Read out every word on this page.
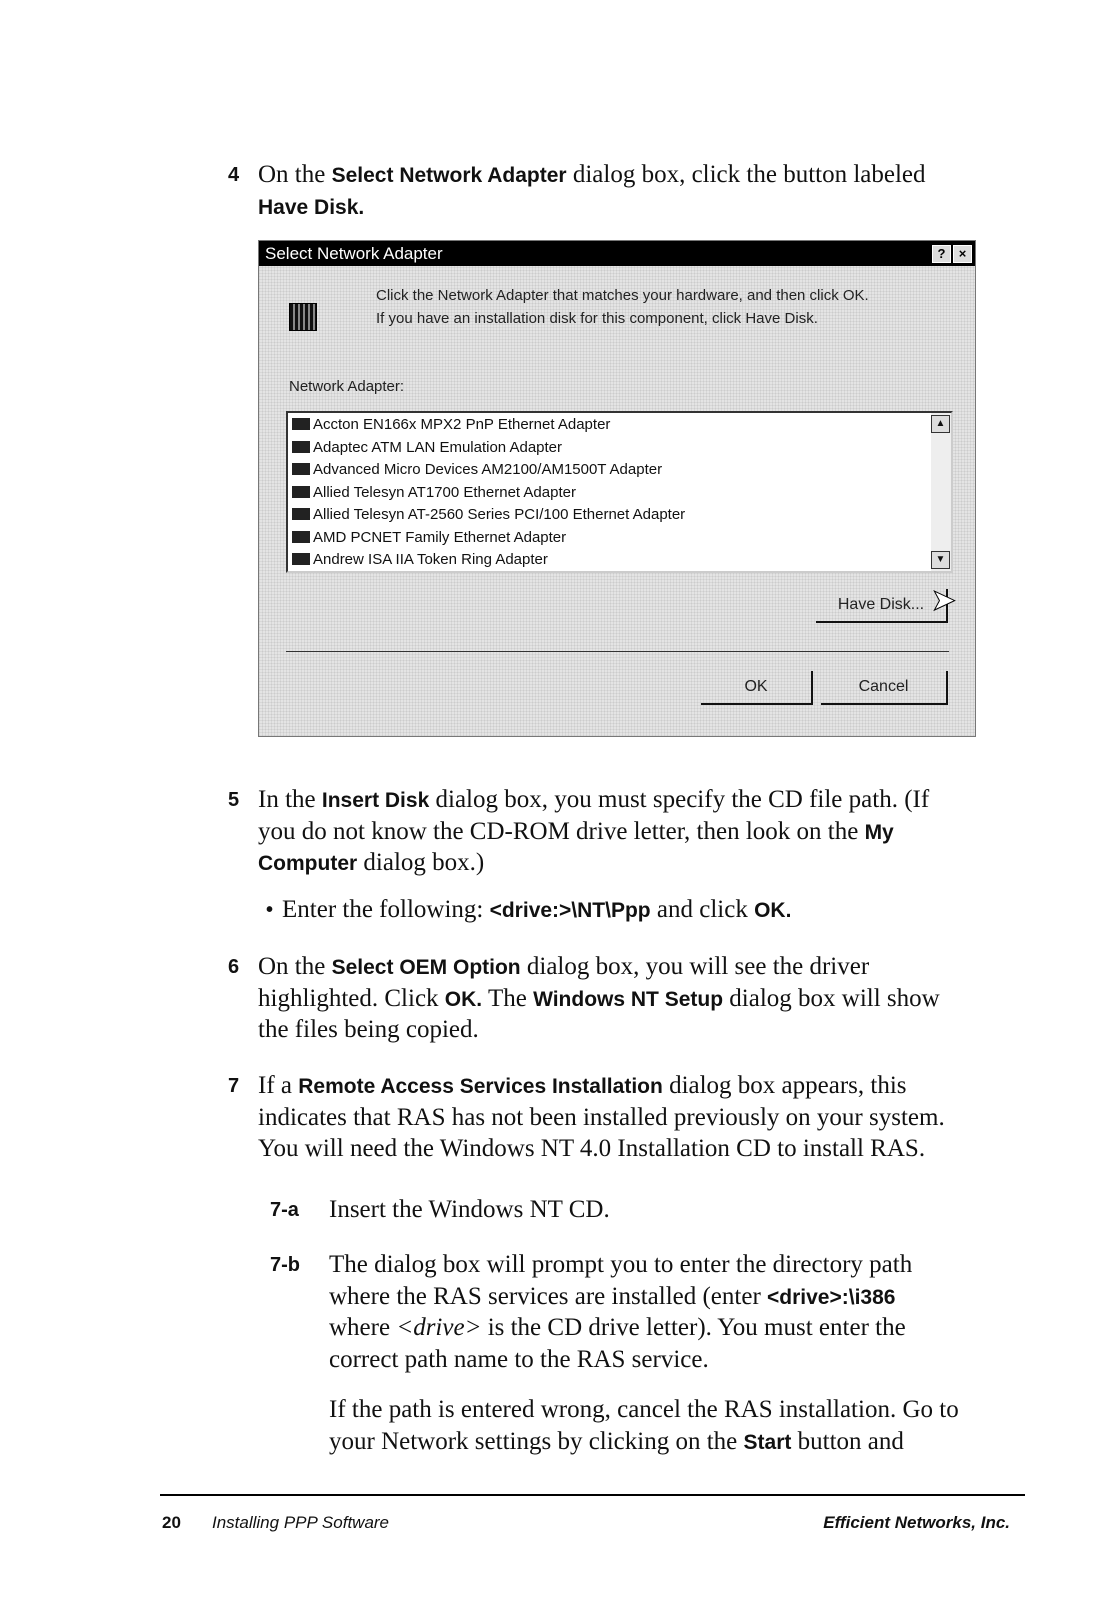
4 On the Select Network Adapter dialog box, click the button labeled
Have Disk.
Select Network Adapter	?	×
Click the Network Adapter that matches your hardware, and then click OK.
If you have an installation disk for this component, click Have Disk.
Network Adapter:
Accton EN166x MPX2 PnP Ethernet Adapter
Adaptec ATM LAN Emulation Adapter
Advanced Micro Devices AM2100/AM1500T Adapter
Allied Telesyn AT1700 Ethernet Adapter
Allied Telesyn AT-2560 Series PCI/100 Ethernet Adapter
AMD PCNET Family Ethernet Adapter
Andrew ISA IIA Token Ring Adapter
▲
▼
Have Disk... ➤
OK	Cancel
5 In the Insert Disk dialog box, you must specify the CD file path. (If
you do not know the CD-ROM drive letter, then look on the My
Computer dialog box.)
• Enter the following: <drive:>\NT\Ppp and click OK.
6 On the Select OEM Option dialog box, you will see the driver
highlighted. Click OK. The Windows NT Setup dialog box will show
the files being copied.
7 If a Remote Access Services Installation dialog box appears, this
indicates that RAS has not been installed previously on your system.
You will need the Windows NT 4.0 Installation CD to install RAS.
7-a Insert the Windows NT CD.
7-b The dialog box will prompt you to enter the directory path
where the RAS services are installed (enter <drive>:\i386
where <drive> is the CD drive letter). You must enter the
correct path name to the RAS service.
If the path is entered wrong, cancel the RAS installation. Go to
your Network settings by clicking on the Start button and
20 Installing PPP Software	Efficient Networks, Inc.
